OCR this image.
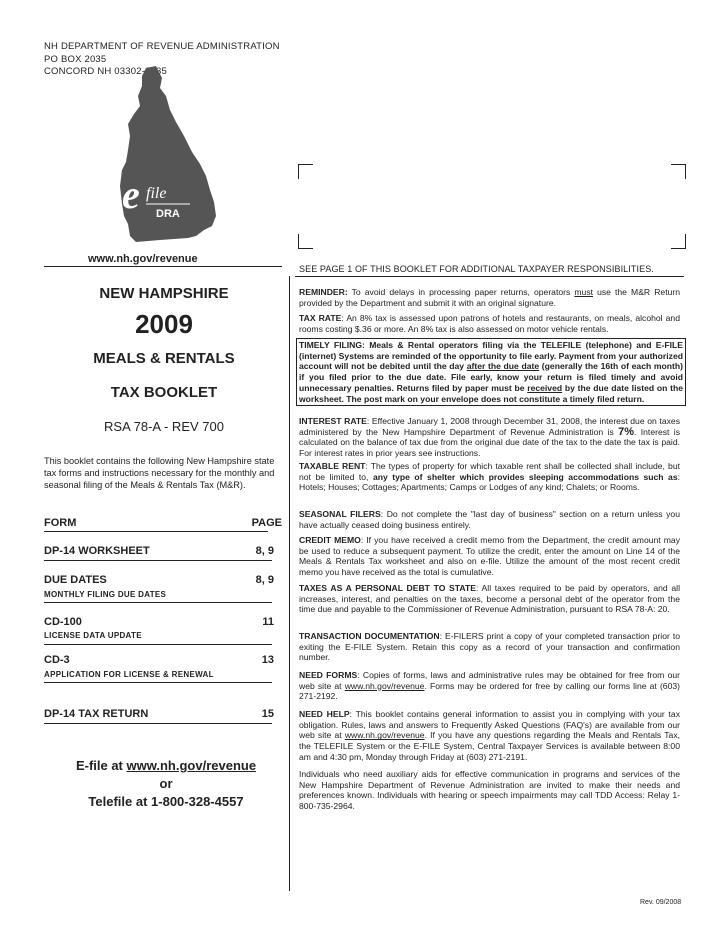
NH DEPARTMENT OF REVENUE ADMINISTRATION
PO BOX 2035
CONCORD NH 03302-2035
e file
DRA
www.nh.gov/revenue
SEE PAGE 1 OF THIS BOOKLET FOR ADDITIONAL TAXPAYER RESPONSIBILITIES.
NEW HAMPSHIRE
2009
MEALS & RENTALS
TAX BOOKLET
RSA 78-A - REV 700
This booklet contains the following New Hampshire state tax forms and instructions necessary for the monthly and seasonal filing of the Meals & Rentals Tax (M&R).
FORM	PAGE
DP-14 WORKSHEET	8, 9
DUE DATES	8, 9
MONTHLY FILING DUE DATES
CD-100	11
LICENSE DATA UPDATE
CD-3	13
APPLICATION FOR LICENSE & RENEWAL
DP-14 TAX RETURN	15
E-file at www.nh.gov/revenue
or
Telefile at 1-800-328-4557
REMINDER: To avoid delays in processing paper returns, operators must use the M&R Return provided by the Department and submit it with an original signature.
TAX RATE: An 8% tax is assessed upon patrons of hotels and restaurants, on meals, alcohol and rooms costing $.36 or more. An 8% tax is also assessed on motor vehicle rentals.
TIMELY FILING: Meals & Rental operators filing via the TELEFILE (telephone) and E-FILE (internet) Systems are reminded of the opportunity to file early. Payment from your authorized account will not be debited until the day after the due date (generally the 16th of each month) if you filed prior to the due date. File early, know your return is filed timely and avoid unnecessary penalties. Returns filed by paper must be received by the due date listed on the worksheet. The post mark on your envelope does not constitute a timely filed return.
INTEREST RATE: Effective January 1, 2008 through December 31, 2008, the interest due on taxes administered by the New Hampshire Department of Revenue Administration is 7%. Interest is calculated on the balance of tax due from the original due date of the tax to the date the tax is paid. For interest rates in prior years see instructions.
TAXABLE RENT: The types of property for which taxable rent shall be collected shall include, but not be limited to, any type of shelter which provides sleeping accommodations such as: Hotels; Houses; Cottages; Apartments; Camps or Lodges of any kind; Chalets; or Rooms.
SEASONAL FILERS: Do not complete the "last day of business" section on a return unless you have actually ceased doing business entirely.
CREDIT MEMO: If you have received a credit memo from the Department, the credit amount may be used to reduce a subsequent payment. To utilize the credit, enter the amount on Line 14 of the Meals & Rentals Tax worksheet and also on e-file. Utilize the amount of the most recent credit memo you have received as the total is cumulative.
TAXES AS A PERSONAL DEBT TO STATE: All taxes required to be paid by operators, and all increases, interest, and penalties on the taxes, become a personal debt of the operator from the time due and payable to the Commissioner of Revenue Administration, pursuant to RSA 78-A: 20.
TRANSACTION DOCUMENTATION: E-FILERS print a copy of your completed transaction prior to exiting the E-FILE System. Retain this copy as a record of your transaction and confirmation number.
NEED FORMS: Copies of forms, laws and administrative rules may be obtained for free from our web site at www.nh.gov/revenue. Forms may be ordered for free by calling our forms line at (603) 271-2192.
NEED HELP: This booklet contains general information to assist you in complying with your tax obligation. Rules, laws and answers to Frequently Asked Questions (FAQ's) are available from our web site at www.nh.gov/revenue. If you have any questions regarding the Meals and Rentals Tax, the TELEFILE System or the E-FILE System, Central Taxpayer Services is available between 8:00 am and 4:30 pm, Monday through Friday at (603) 271-2191.
Individuals who need auxiliary aids for effective communication in programs and services of the New Hampshire Department of Revenue Administration are invited to make their needs and preferences known. Individuals with hearing or speech impairments may call TDD Access: Relay 1-800-735-2964.
Rev. 09/2008
